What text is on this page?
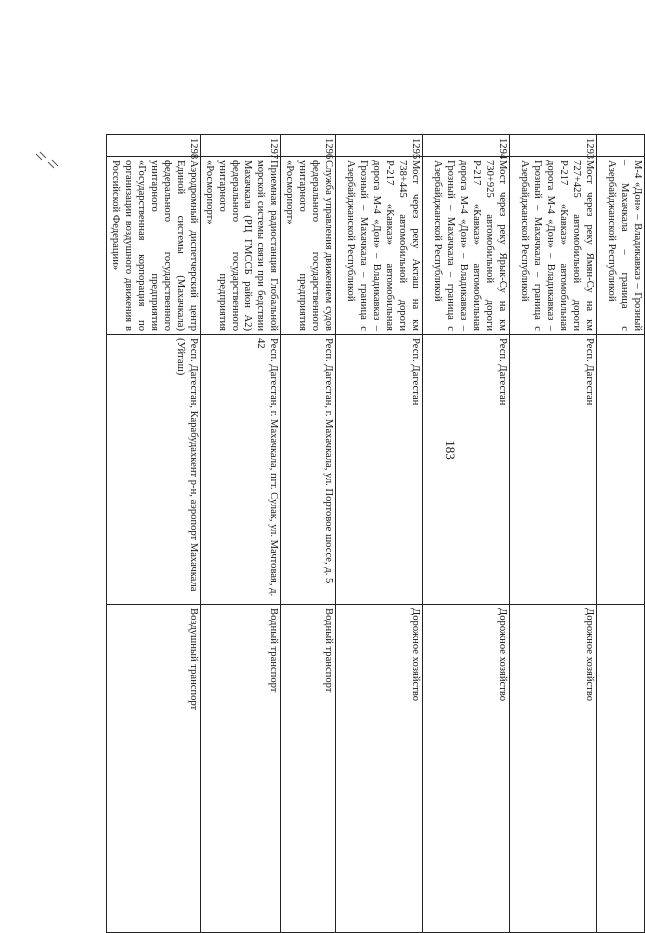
183
	М-4 «Дон» – Владикавказ – Грозный – Махачкала – граница с Азербайджанской Республикой		
1293	Мост через реку Ямян-Су на км 727+425 автомобильной дороги Р-217 «Кавказ» автомобильная дорога М-4 «Дон» – Владикавказ – Грозный – Махачкала – граница с Азербайджанской Республикой	Респ. Дагестан	Дорожное хозяйство
1294	Мост через реку Ярык-Су на км 730+925 автомобильной дороги Р-217 «Кавказ» автомобильная дорога М-4 «Дон» – Владикавказ – Грозный – Махачкала – граница с Азербайджанской Республикой	Респ. Дагестан	Дорожное хозяйство
1295	Мост через реку Акташ на км 738+445 автомобильной дороги Р-217 «Кавказ» автомобильная дорога М-4 «Дон» – Владикавказ – Грозный – Махачкала – граница с Азербайджанской Республикой	Респ. Дагестан	Дорожное хозяйство
1296	Служба управления движением судов федерального государственного унитарного предприятия «Росморпорт»	Респ. Дагестан, г. Махачкала, ул. Портовое шоссе, д. 5	Водный транспорт
1297	Приемная радиостанция Глобальной морской системы связи при бедствии Махачкала (РЦ ГМССБ район А2) федерального государственного унитарного предприятия «Росморпорт»	Респ. Дагестан, г. Махачкала, пгт. Сулак, ул. Мачтовая, д. 42	Водный транспорт
1298	Аэродромный диспетчерский центр Единой системы (Махачкала) федерального государственного унитарного предприятия «Государственная корпорация по организации воздушного движения в Российской Федерации»	Респ. Дагестан, Карабудахкент р-н, аэропорт Махачкала (Уйташ)	Воздушный транспорт
